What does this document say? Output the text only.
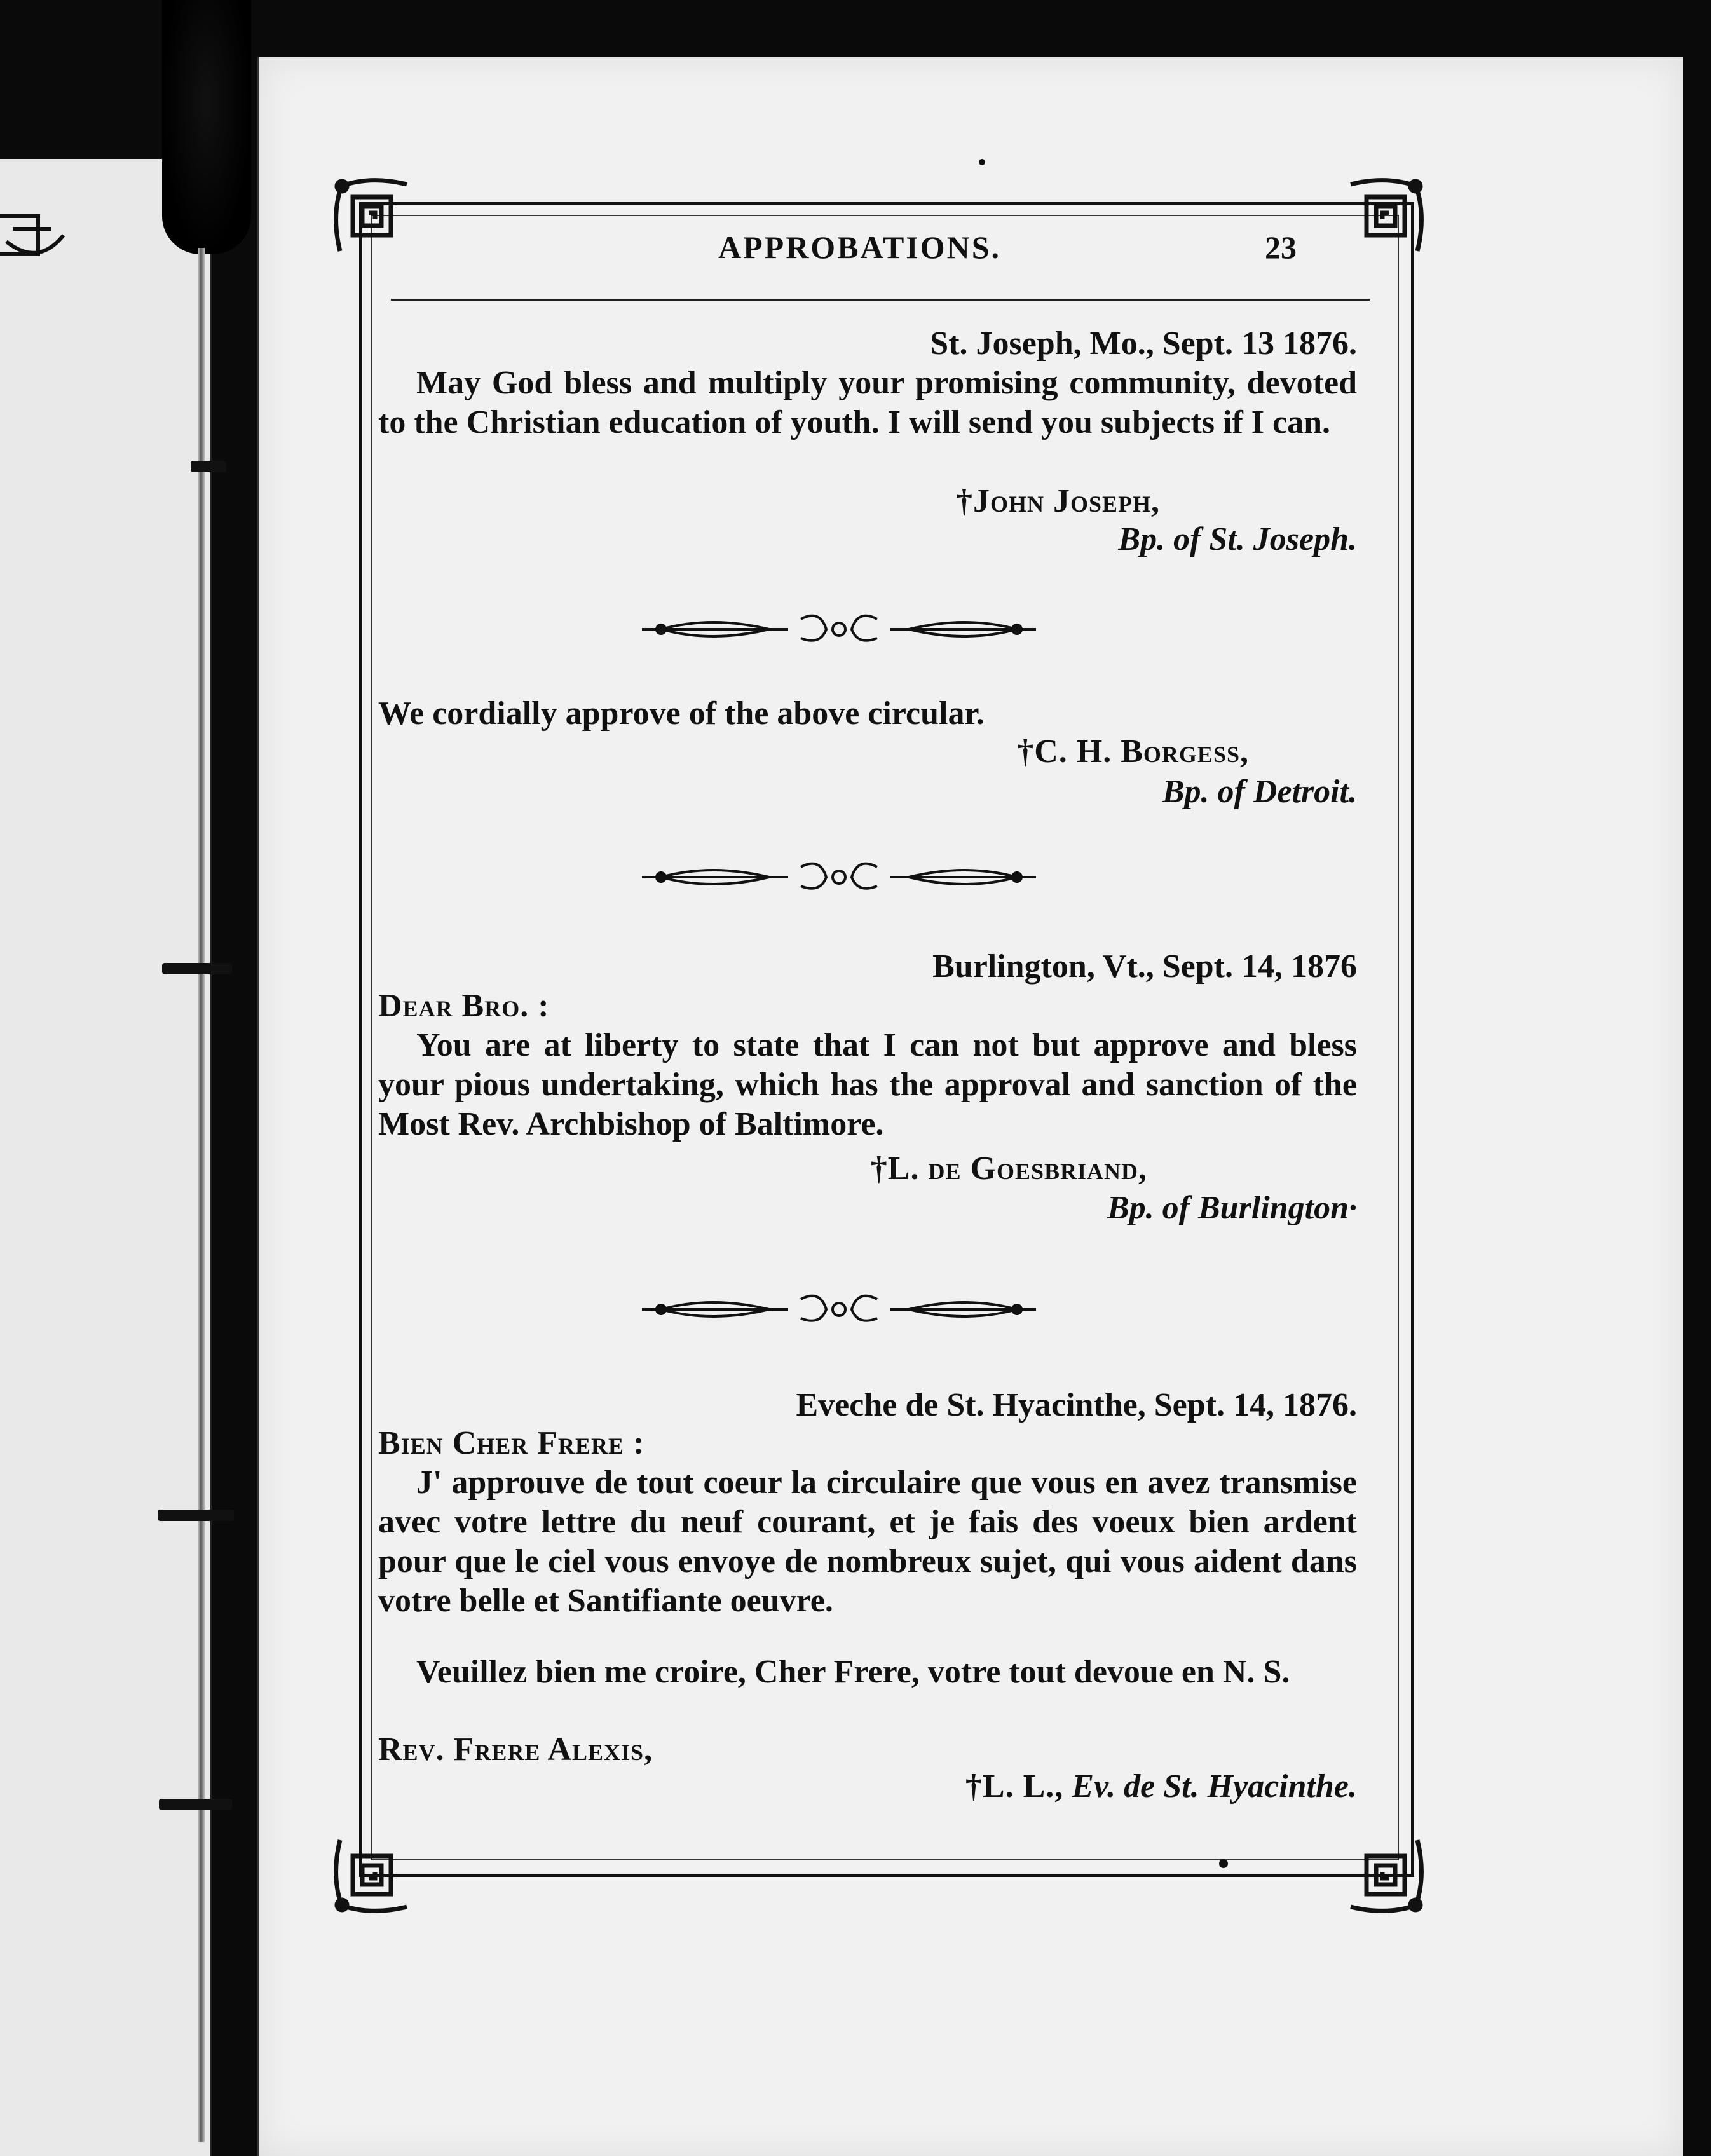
APPROBATIONS.	23
St. Joseph, Mo., Sept. 13 1876.
May God bless and multiply your promising community, devoted to the Christian education of youth. I will send you subjects if I can.
†John Joseph,
Bp. of St. Joseph.
We cordially approve of the above circular.
†C. H. Borgess,
Bp. of Detroit.
Burlington, Vt., Sept. 14, 1876
Dear Bro. :
You are at liberty to state that I can not but approve and bless your pious undertaking, which has the approval and sanction of the Most Rev. Archbishop of Baltimore.
†L. de Goesbriand,
Bp. of Burlington·
Eveche de St. Hyacinthe, Sept. 14, 1876.
Bien Cher Frere :
J' approuve de tout coeur la circulaire que vous en avez transmise avec votre lettre du neuf courant, et je fais des voeux bien ardent pour que le ciel vous envoye de nombreux sujet, qui vous aident dans votre belle et Santifiante oeuvre.
Veuillez bien me croire, Cher Frere, votre tout devoue en N. S.
Rev. Frere Alexis,
†L. L., Ev. de St. Hyacinthe.
